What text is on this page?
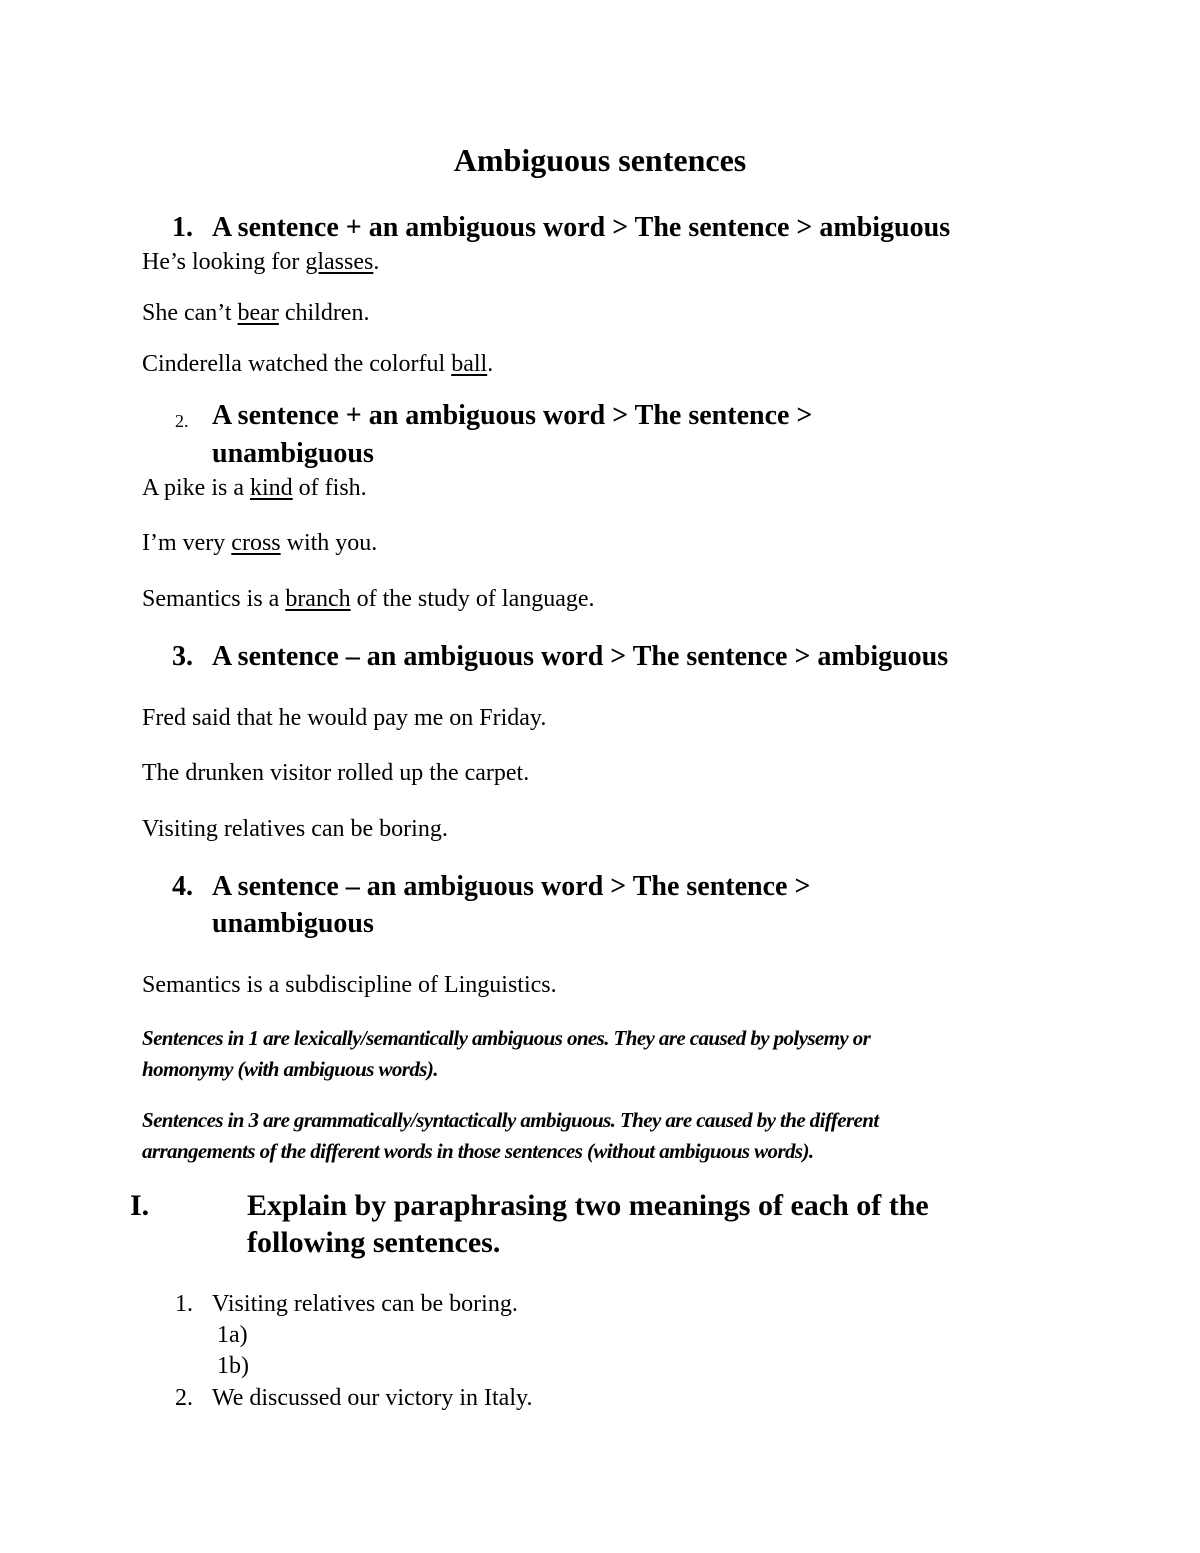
Ambiguous sentences
1. A sentence + an ambiguous word > The sentence > ambiguous
He’s looking for glasses.
She can’t bear children.
Cinderella watched the colorful ball.
2. A sentence + an ambiguous word > The sentence >
unambiguous
A pike is a kind of fish.
I’m very cross with you.
Semantics is a branch of the study of language.
3. A sentence – an ambiguous word > The sentence > ambiguous
Fred said that he would pay me on Friday.
The drunken visitor rolled up the carpet.
Visiting relatives can be boring.
4. A sentence – an ambiguous word > The sentence >
unambiguous
Semantics is a subdiscipline of Linguistics.
Sentences in 1 are lexically/semantically ambiguous ones. They are caused by polysemy or
homonymy (with ambiguous words).
Sentences in 3 are grammatically/syntactically ambiguous. They are caused by the different
arrangements of the different words in those sentences (without ambiguous words).
I.	Explain by paraphrasing two meanings of each of the
following sentences.
1. Visiting relatives can be boring.
1a)
1b)
2. We discussed our victory in Italy.
